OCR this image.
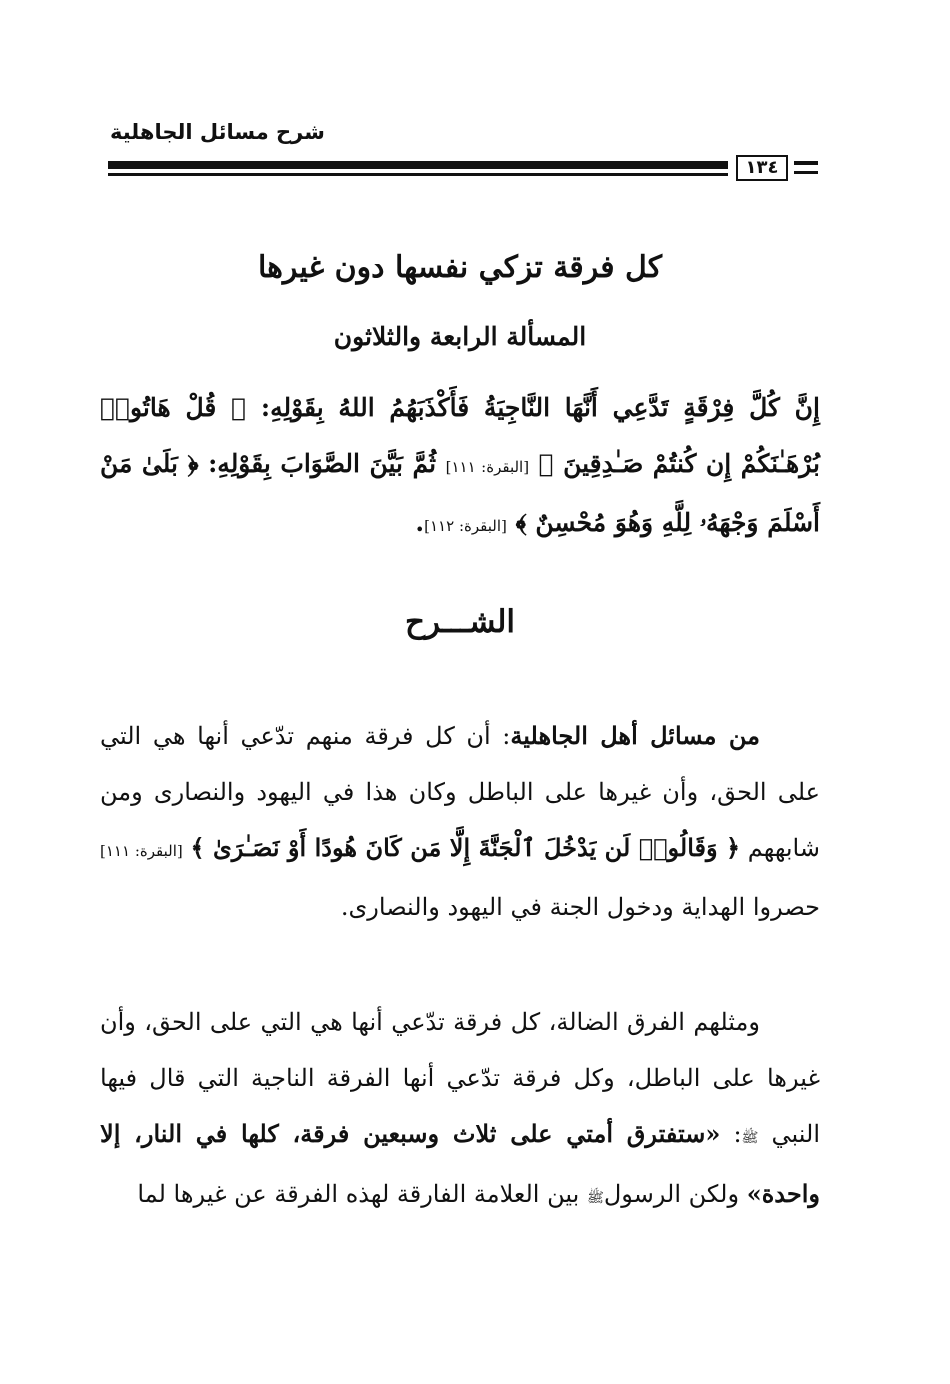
شرح مسائل الجاهلية
١٣٤
كل فرقة تزكي نفسها دون غيرها
المسألة الرابعة والثلاثون
إِنَّ كُلَّ فِرْقَةٍ تَدَّعِي أَنَّهَا النَّاجِيَةُ فَأَكْذَبَهُمُ اللهُ بِقَوْلِهِ: ﴿ قُلْ هَاتُوا۟ بُرْهَـٰنَكُمْ إِن كُنتُمْ صَـٰدِقِينَ ﴾ [البقرة: ١١١] ثُمَّ بَيَّنَ الصَّوَابَ بِقَوْلِهِ: ﴿ بَلَىٰ مَنْ أَسْلَمَ وَجْهَهُۥ لِلَّهِ وَهُوَ مُحْسِنٌ ﴾ [البقرة: ١١٢].
الشـــرح
من مسائل أهل الجاهلية: أن كل فرقة منهم تدّعي أنها هي التي على الحق، وأن غيرها على الباطل وكان هذا في اليهود والنصارى ومن شابههم ﴿ وَقَالُوا۟ لَن يَدْخُلَ ٱلْجَنَّةَ إِلَّا مَن كَانَ هُودًا أَوْ نَصَـٰرَىٰ ﴾ [البقرة: ١١١] حصروا الهداية ودخول الجنة في اليهود والنصارى.
ومثلهم الفرق الضالة، كل فرقة تدّعي أنها هي التي على الحق، وأن غيرها على الباطل، وكل فرقة تدّعي أنها الفرقة الناجية التي قال فيها النبي ﷺ: «ستفترق أمتي على ثلاث وسبعين فرقة، كلها في النار، إلا واحدة» ولكن الرسولﷺ بين العلامة الفارقة لهذه الفرقة عن غيرها لما
